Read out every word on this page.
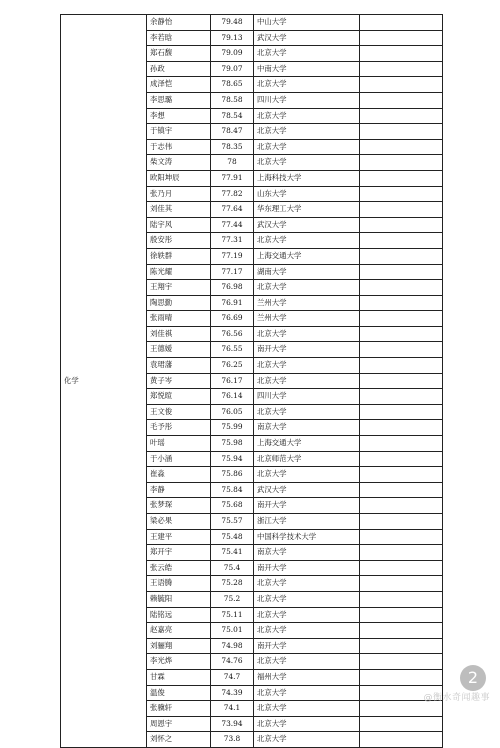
化学	余静怡	79.48	中山大学	
	李若晗	79.13	武汉大学	
	郑石馥	79.09	北京大学	
	孙政	79.07	中南大学	
	成泽恺	78.65	北京大学	
	李思璐	78.58	四川大学	
	李想	78.54	北京大学	
	于镇宇	78.47	北京大学	
	于志伟	78.35	北京大学	
	柴文涛	78	北京大学	
	欧阳坤辰	77.91	上海科技大学	
	张乃月	77.82	山东大学	
	刘佳其	77.64	华东理工大学	
	陆宇风	77.44	武汉大学	
	殷安彤	77.31	北京大学	
	徐轶群	77.19	上海交通大学	
	陈光耀	77.17	湖南大学	
	王翔宇	76.98	北京大学	
	陶思勤	76.91	兰州大学	
	张雨晴	76.69	兰州大学	
	刘佳祺	76.56	北京大学	
	王德嫒	76.55	南开大学	
	袁珺藩	76.25	北京大学	
	黄子岑	76.17	北京大学	
	郑悦暄	76.14	四川大学	
	王文俊	76.05	北京大学	
	毛予彤	75.99	南京大学	
	叶瑶	75.98	上海交通大学	
	于小涵	75.94	北京师范大学	
	崔淼	75.86	北京大学	
	李静	75.84	武汉大学	
	张梦琛	75.68	南开大学	
	梁必果	75.57	浙江大学	
	王建平	75.48	中国科学技术大学	
	郑开宇	75.41	南京大学	
	张云皓	75.4	南开大学	
	王语腾	75.28	北京大学	
	赖毓阳	75.2	北京大学	
	陆铭远	75.11	北京大学	
	赵嘉亮	75.01	北京大学	
	刘骊翔	74.98	南开大学	
	李光烨	74.76	北京大学	
	甘霖	74.7	福州大学	
	温俊	74.39	北京大学	
	张骥轩	74.1	北京大学	
	周恩宇	73.94	北京大学	
	刘怀之	73.8	北京大学	
2
@衡水奇闻趣事
